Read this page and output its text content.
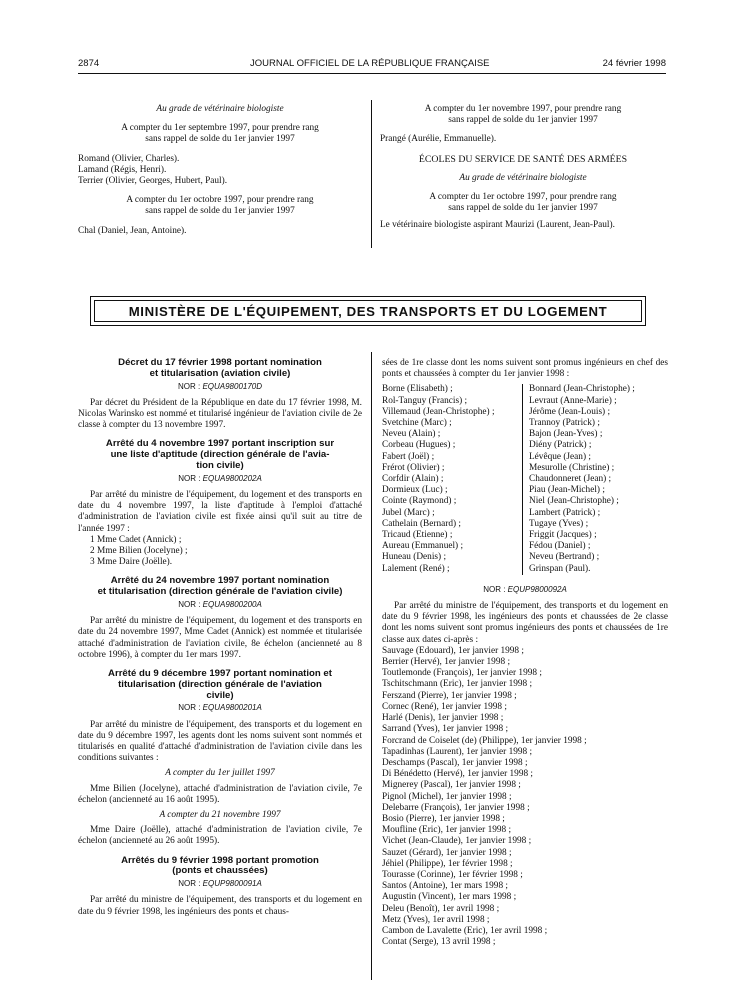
2874	JOURNAL OFFICIEL DE LA RÉPUBLIQUE FRANÇAISE	24 février 1998

Au grade de vétérinaire biologiste

A compter du 1er septembre 1997, pour prendre rang

sans rappel de solde du 1er janvier 1997

Romand (Olivier, Charles).

Lamand (Régis, Henri).

Terrier (Olivier, Georges, Hubert, Paul).

A compter du 1er octobre 1997, pour prendre rang

sans rappel de solde du 1er janvier 1997

Chal (Daniel, Jean, Antoine).

A compter du 1er novembre 1997, pour prendre rang

sans rappel de solde du 1er janvier 1997

Prangé (Aurélie, Emmanuelle).

ÉCOLES DU SERVICE DE SANTÉ DES ARMÉES

Au grade de vétérinaire biologiste

A compter du 1er octobre 1997, pour prendre rang

sans rappel de solde du 1er janvier 1997

Le vétérinaire biologiste aspirant Maurizi (Laurent, Jean-Paul).

MINISTÈRE DE L'ÉQUIPEMENT, DES TRANSPORTS ET DU LOGEMENT

Décret du 17 février 1998 portant nomination

et titularisation (aviation civile)

NOR : EQUA9800170D

Par décret du Président de la République en date du 17 février 1998, M. Nicolas Warinsko est nommé et titularisé ingénieur de l'aviation civile de 2e classe à compter du 13 novembre 1997.

Arrêté du 4 novembre 1997 portant inscription sur

une liste d'aptitude (direction générale de l'avia-

tion civile)

NOR : EQUA9800202A

Par arrêté du ministre de l'équipement, du logement et des transports en date du 4 novembre 1997, la liste d'aptitude à l'emploi d'attaché d'administration de l'aviation civile est fixée ainsi qu'il suit au titre de l'année 1997 :

1 Mme Cadet (Annick) ;

2 Mme Bilien (Jocelyne) ;

3 Mme Daire (Joëlle).

Arrêté du 24 novembre 1997 portant nomination

et titularisation (direction générale de l'aviation civile)

NOR : EQUA9800200A

Par arrêté du ministre de l'équipement, du logement et des transports en date du 24 novembre 1997, Mme Cadet (Annick) est nommée et titularisée attaché d'administration de l'aviation civile, 8e échelon (ancienneté au 8 octobre 1996), à compter du 1er mars 1997.

Arrêté du 9 décembre 1997 portant nomination et

titularisation (direction générale de l'aviation

civile)

NOR : EQUA9800201A

Par arrêté du ministre de l'équipement, des transports et du logement en date du 9 décembre 1997, les agents dont les noms suivent sont nommés et titularisés en qualité d'attaché d'administration de l'aviation civile dans les conditions suivantes :

A compter du 1er juillet 1997

Mme Bilien (Jocelyne), attaché d'administration de l'aviation civile, 7e échelon (ancienneté au 16 août 1995).

A compter du 21 novembre 1997

Mme Daire (Joëlle), attaché d'administration de l'aviation civile, 7e échelon (ancienneté au 26 août 1995).

Arrêtés du 9 février 1998 portant promotion

(ponts et chaussées)

NOR : EQUP9800091A

Par arrêté du ministre de l'équipement, des transports et du logement en date du 9 février 1998, les ingénieurs des ponts et chaus-

sées de 1re classe dont les noms suivent sont promus ingénieurs en chef des ponts et chaussées à compter du 1er janvier 1998 :

Borne (Elisabeth) ;

Rol-Tanguy (Francis) ;

Villemaud (Jean-Christophe) ;

Svetchine (Marc) ;

Neveu (Alain) ;

Corbeau (Hugues) ;

Fabert (Joël) ;

Frérot (Olivier) ;

Corfdir (Alain) ;

Dormieux (Luc) ;

Cointe (Raymond) ;

Jubel (Marc) ;

Cathelain (Bernard) ;

Tricaud (Etienne) ;

Aureau (Emmanuel) ;

Huneau (Denis) ;

Lalement (René) ;

Bonnard (Jean-Christophe) ;

Levraut (Anne-Marie) ;

Jérôme (Jean-Louis) ;

Trannoy (Patrick) ;

Bajon (Jean-Yves) ;

Diény (Patrick) ;

Lévêque (Jean) ;

Mesurolle (Christine) ;

Chaudonneret (Jean) ;

Piau (Jean-Michel) ;

Niel (Jean-Christophe) ;

Lambert (Patrick) ;

Tugaye (Yves) ;

Friggit (Jacques) ;

Fédou (Daniel) ;

Neveu (Bertrand) ;

Grinspan (Paul).

NOR : EQUP9800092A

Par arrêté du ministre de l'équipement, des transports et du logement en date du 9 février 1998, les ingénieurs des ponts et chaussées de 2e classe dont les noms suivent sont promus ingénieurs des ponts et chaussées de 1re classe aux dates ci-après :

Sauvage (Edouard), 1er janvier 1998 ;

Berrier (Hervé), 1er janvier 1998 ;

Toutlemonde (François), 1er janvier 1998 ;

Tschitschmann (Eric), 1er janvier 1998 ;

Ferszand (Pierre), 1er janvier 1998 ;

Cornec (René), 1er janvier 1998 ;

Harlé (Denis), 1er janvier 1998 ;

Sarrand (Yves), 1er janvier 1998 ;

Forcrand de Coiselet (de) (Philippe), 1er janvier 1998 ;

Tapadinhas (Laurent), 1er janvier 1998 ;

Deschamps (Pascal), 1er janvier 1998 ;

Di Bénédetto (Hervé), 1er janvier 1998 ;

Mignerey (Pascal), 1er janvier 1998 ;

Pignol (Michel), 1er janvier 1998 ;

Delebarre (François), 1er janvier 1998 ;

Bosio (Pierre), 1er janvier 1998 ;

Moufline (Eric), 1er janvier 1998 ;

Vichet (Jean-Claude), 1er janvier 1998 ;

Sauzet (Gérard), 1er janvier 1998 ;

Jéhiel (Philippe), 1er février 1998 ;

Tourasse (Corinne), 1er février 1998 ;

Santos (Antoine), 1er mars 1998 ;

Augustin (Vincent), 1er mars 1998 ;

Deleu (Benoît), 1er avril 1998 ;

Metz (Yves), 1er avril 1998 ;

Cambon de Lavalette (Eric), 1er avril 1998 ;

Contat (Serge), 13 avril 1998 ;
